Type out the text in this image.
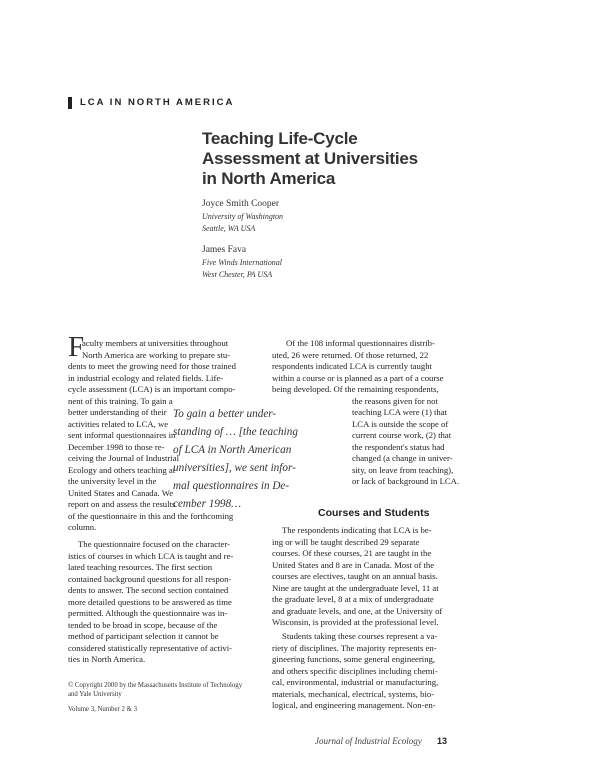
LCA IN NORTH AMERICA
Teaching Life-Cycle
Assessment at Universities
in North America
Joyce Smith Cooper
University of Washington
Seattle, WA USA
James Fava
Five Winds International
West Chester, PA USA
F
aculty members at universities throughout
North America are working to prepare stu-
dents to meet the growing need for those trained
in industrial ecology and related fields. Life-
cycle assessment (LCA) is an important compo-
nent of this training. To gain a
better understanding of their
activities related to LCA, we
sent informal questionnaires in
December 1998 to those re-
ceiving the Journal of Industrial
Ecology and others teaching at
the university level in the
United States and Canada. We
report on and assess the results
of the questionnaire in this and the forthcoming
column.
The questionnaire focused on the character-
istics of courses in which LCA is taught and re-
lated teaching resources. The first section
contained background questions for all respon-
dents to answer. The second section contained
more detailed questions to be answered as time
permitted. Although the questionnaire was in-
tended to be broad in scope, because of the
method of participant selection it cannot be
considered statistically representative of activi-
ties in North America.
To gain a better under-
standing of … [the teaching
of LCA in North American
universities], we sent infor-
mal questionnaires in De-
cember 1998…
Of the 108 informal questionnaires distrib-
uted, 26 were returned. Of those returned, 22
respondents indicated LCA is currently taught
within a course or is planned as a part of a course
being developed. Of the remaining respondents,
the reasons given for not
teaching LCA were (1) that
LCA is outside the scope of
current course work, (2) that
the respondent's status had
changed (a change in univer-
sity, on leave from teaching),
or lack of background in LCA.
Courses and Students
The respondents indicating that LCA is be-
ing or will be taught described 29 separate
courses. Of these courses, 21 are taught in the
United States and 8 are in Canada. Most of the
courses are electives, taught on an annual basis.
Nine are taught at the undergraduate level, 11 at
the graduate level, 8 at a mix of undergraduate
and graduate levels, and one, at the University of
Wisconsin, is provided at the professional level.
Students taking these courses represent a va-
riety of disciplines. The majority represents en-
gineering functions, some general engineering,
and others specific disciplines including chemi-
cal, environmental, industrial or manufacturing,
materials, mechanical, electrical, systems, bio-
logical, and engineering management. Non-en-
© Copyright 2000 by the Massachusetts Institute of Technology
and Yale University
Volume 3, Number 2 & 3
Journal of Industrial Ecology 13
